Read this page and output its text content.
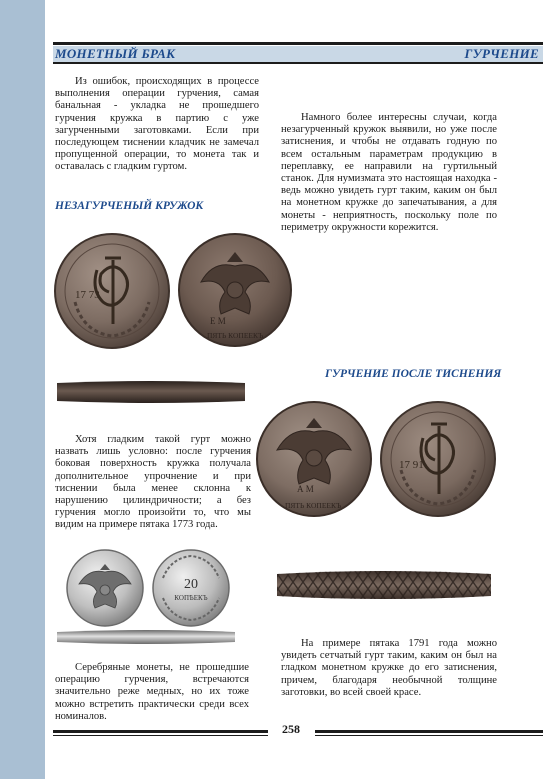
МОНЕТНЫЙ БРАК	ГУРЧЕНИЕ

Из ошибок, происходящих в процессе выполнения операции гурчения, самая банальная - укладка не прошедшего гурчения кружка в партию с уже загурченными заготовками. Если при последующем тиснении кладчик не замечал пропущенной операции, то монета так и оставалась с гладким гуртом.

Намного более интересны случаи, когда незагурченный кружок выявили, но уже после затиснения, и чтобы не отдавать годную по всем остальным параметрам продукцию в переплавку, ее направили на гуртильный станок. Для нумизмата это настоящая находка - ведь можно увидеть гурт таким, каким он был на монетном кружке до запечатывания, а для монеты - неприятность, поскольку поле по периметру окружности корежится.

НЕЗАГУРЧЕНЫЙ КРУЖОК
17 73
Е М
ПЯТЬ КОПЕЕКЪ
ГУРЧЕНИЕ ПОСЛЕ ТИСНЕНИЯ

Хотя гладким такой гурт можно назвать лишь условно: после гурчения боковая поверхность кружка получала дополнительное упрочнение и при тиснении была менее склонна к нарушению цилиндричности; а без гурчения могло произойти то, что мы видим на примере пятака 1773 года.

А М
ПЯТЬ КОПЕЕКЪ
17 91
20
КОПѢЕКЪ

На примере пятака 1791 года можно увидеть сетчатый гурт таким, каким он был на гладком монетном кружке до его затиснения, причем, благодаря необычной толщине заготовки, во всей своей красе.

Серебряные монеты, не прошедшие операцию гурчения, встречаются значительно реже медных, но их тоже можно встретить практически среди всех номиналов.

258
